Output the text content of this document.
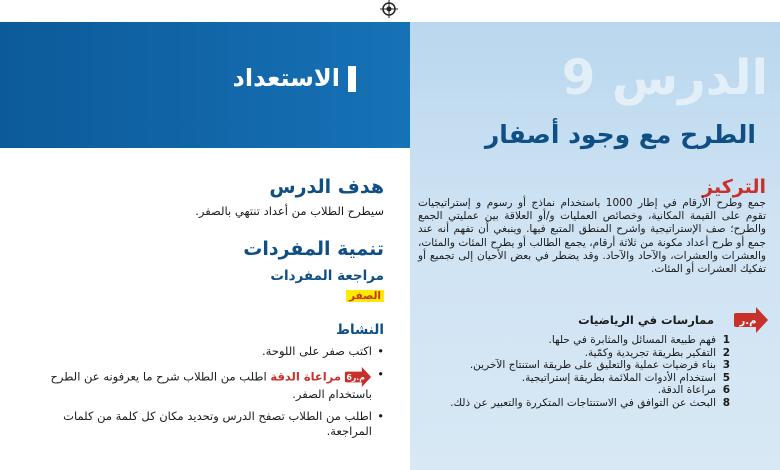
الاستعداد	الدرس 9
الطرح مع وجود أصفار
التركيز
جمع وطرح الأرقام في إطار 1000 باستخدام نماذج أو رسوم و إستراتيجيات تقوم على القيمة المكانية، وخصائص العمليات و/أو العلاقة بين عمليتي الجمع والطرح؛ صف الإستراتيجية واشرح المنطق المتبع فيها. وينبغي أن تفهم أنه عند جمع أو طرح أعداد مكونة من ثلاثة أرقام، يجمع الطالب أو يطرح المئات والمئات، والعشرات والعشرات، والآحاد والآحاد. وقد يضطر في بعض الأحيان إلى تجميع أو تفكيك العشرات أو المئات.
م.ر
ممارسات في الرياضيات
1
فهم طبيعة المسائل والمثابرة في حلها.
2
التفكير بطريقة تجريدية وكمّية.
3
بناء فرضيات عملية والتعليق على طريقة استنتاج الآخرين.
5
استخدام الأدوات الملائمة بطريقة إستراتيجية.
6
مراعاة الدقة.
8
البحث عن التوافق في الاستنتاجات المتكررة والتعبير عن ذلك.
هدف الدرس
سيطرح الطلاب من أعداد تنتهي بالصفر.
تنمية المفردات
مراجعة المفردات
الصفر
النشاط
• اكتب صفر على اللوحة.
• م.ر6
مراعاة الدقة اطلب من الطلاب شرح ما يعرفونه عن الطرح باستخدام الصفر.
• اطلب من الطلاب تصفح الدرس وتحديد مكان كل كلمة من كلمات المراجعة.
